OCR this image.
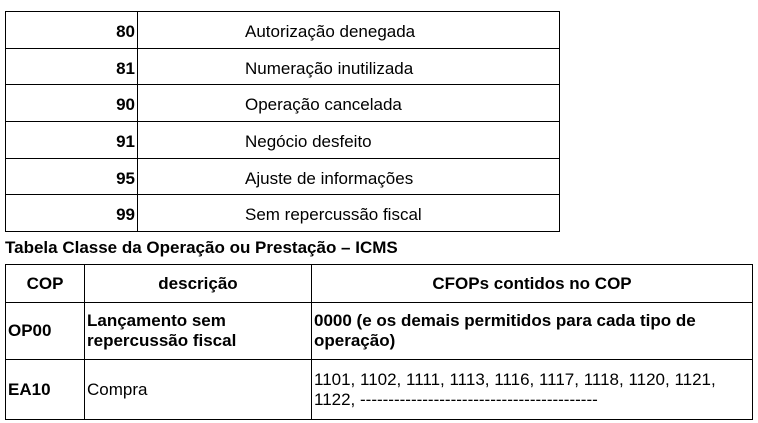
80	Autorização denegada
81	Numeração inutilizada
90	Operação cancelada
91	Negócio desfeito
95	Ajuste de informações
99	Sem repercussão fiscal
Tabela Classe da Operação ou Prestação – ICMS
COP	descrição	CFOPs contidos no COP
OP00	Lançamento sem repercussão fiscal	0000 (e os demais permitidos para cada tipo de operação)
EA10	Compra	1101, 1102, 1111, 1113, 1116, 1117, 1118, 1120, 1121, 1122, ------------------------------------------
